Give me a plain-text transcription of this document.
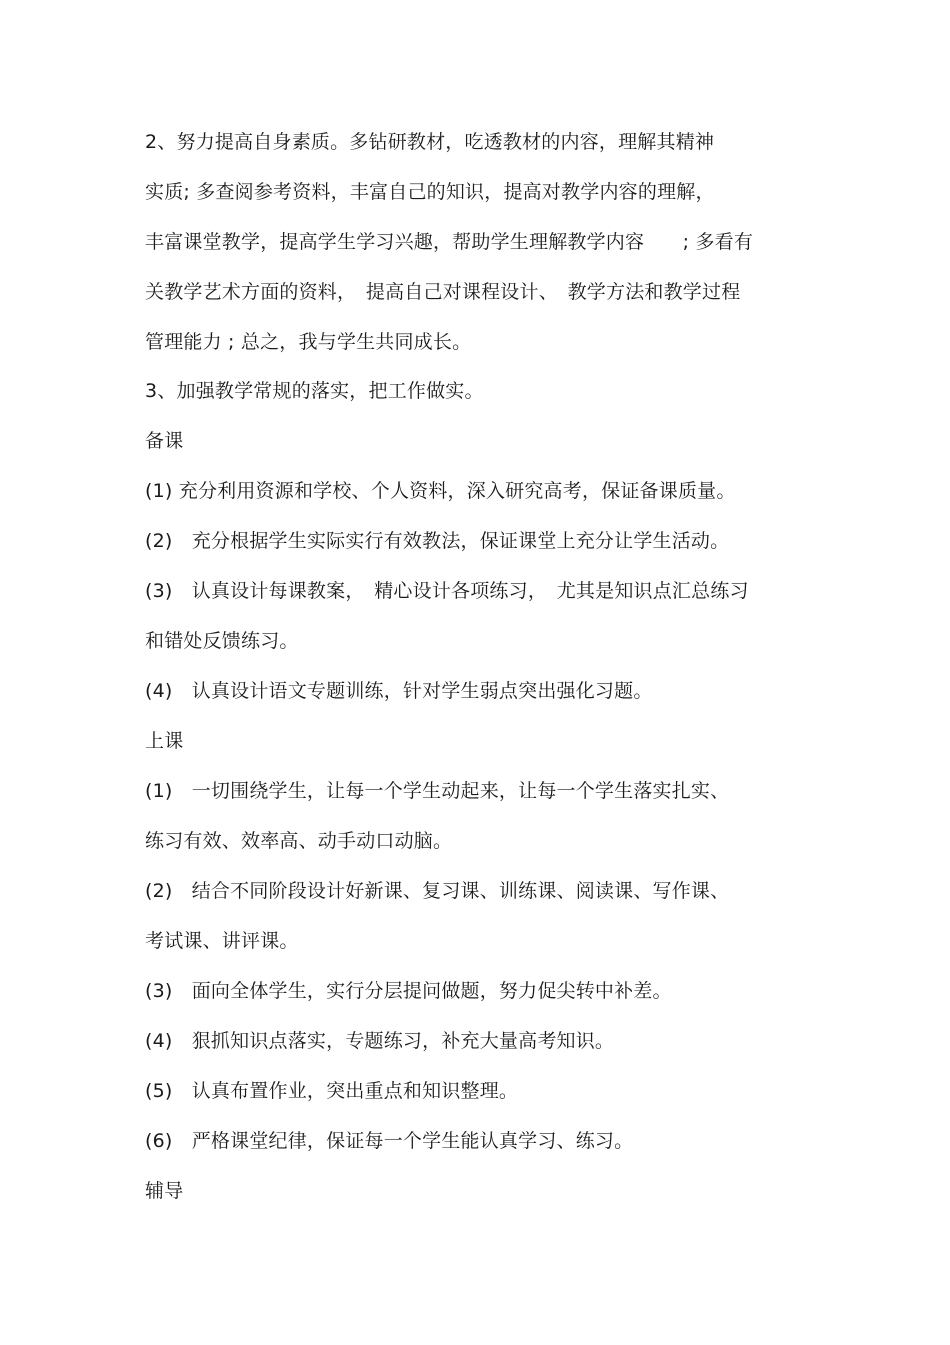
2、努力提高自身素质。多钻研教材，吃透教材的内容，理解其精神
实质; 多查阅参考资料，丰富自己的知识，提高对教学内容的理解，
丰富课堂教学，提高学生学习兴趣，帮助学生理解教学内容　　; 多看有
关教学艺术方面的资料，　提高自己对课程设计、　教学方法和教学过程
管理能力 ; 总之，我与学生共同成长。
3、加强教学常规的落实，把工作做实。
备课
(1) 充分利用资源和学校、个人资料，深入研究高考，保证备课质量。
(2)　充分根据学生实际实行有效教法，保证课堂上充分让学生活动。
(3)　认真设计每课教案，　精心设计各项练习，　尤其是知识点汇总练习
和错处反馈练习。
(4)　认真设计语文专题训练，针对学生弱点突出强化习题。
上课
(1)　一切围绕学生，让每一个学生动起来，让每一个学生落实扎实、
练习有效、效率高、动手动口动脑。
(2)　结合不同阶段设计好新课、复习课、训练课、阅读课、写作课、
考试课、讲评课。
(3)　面向全体学生，实行分层提问做题，努力促尖转中补差。
(4)　狠抓知识点落实，专题练习，补充大量高考知识。
(5)　认真布置作业，突出重点和知识整理。
(6)　严格课堂纪律，保证每一个学生能认真学习、练习。
辅导
